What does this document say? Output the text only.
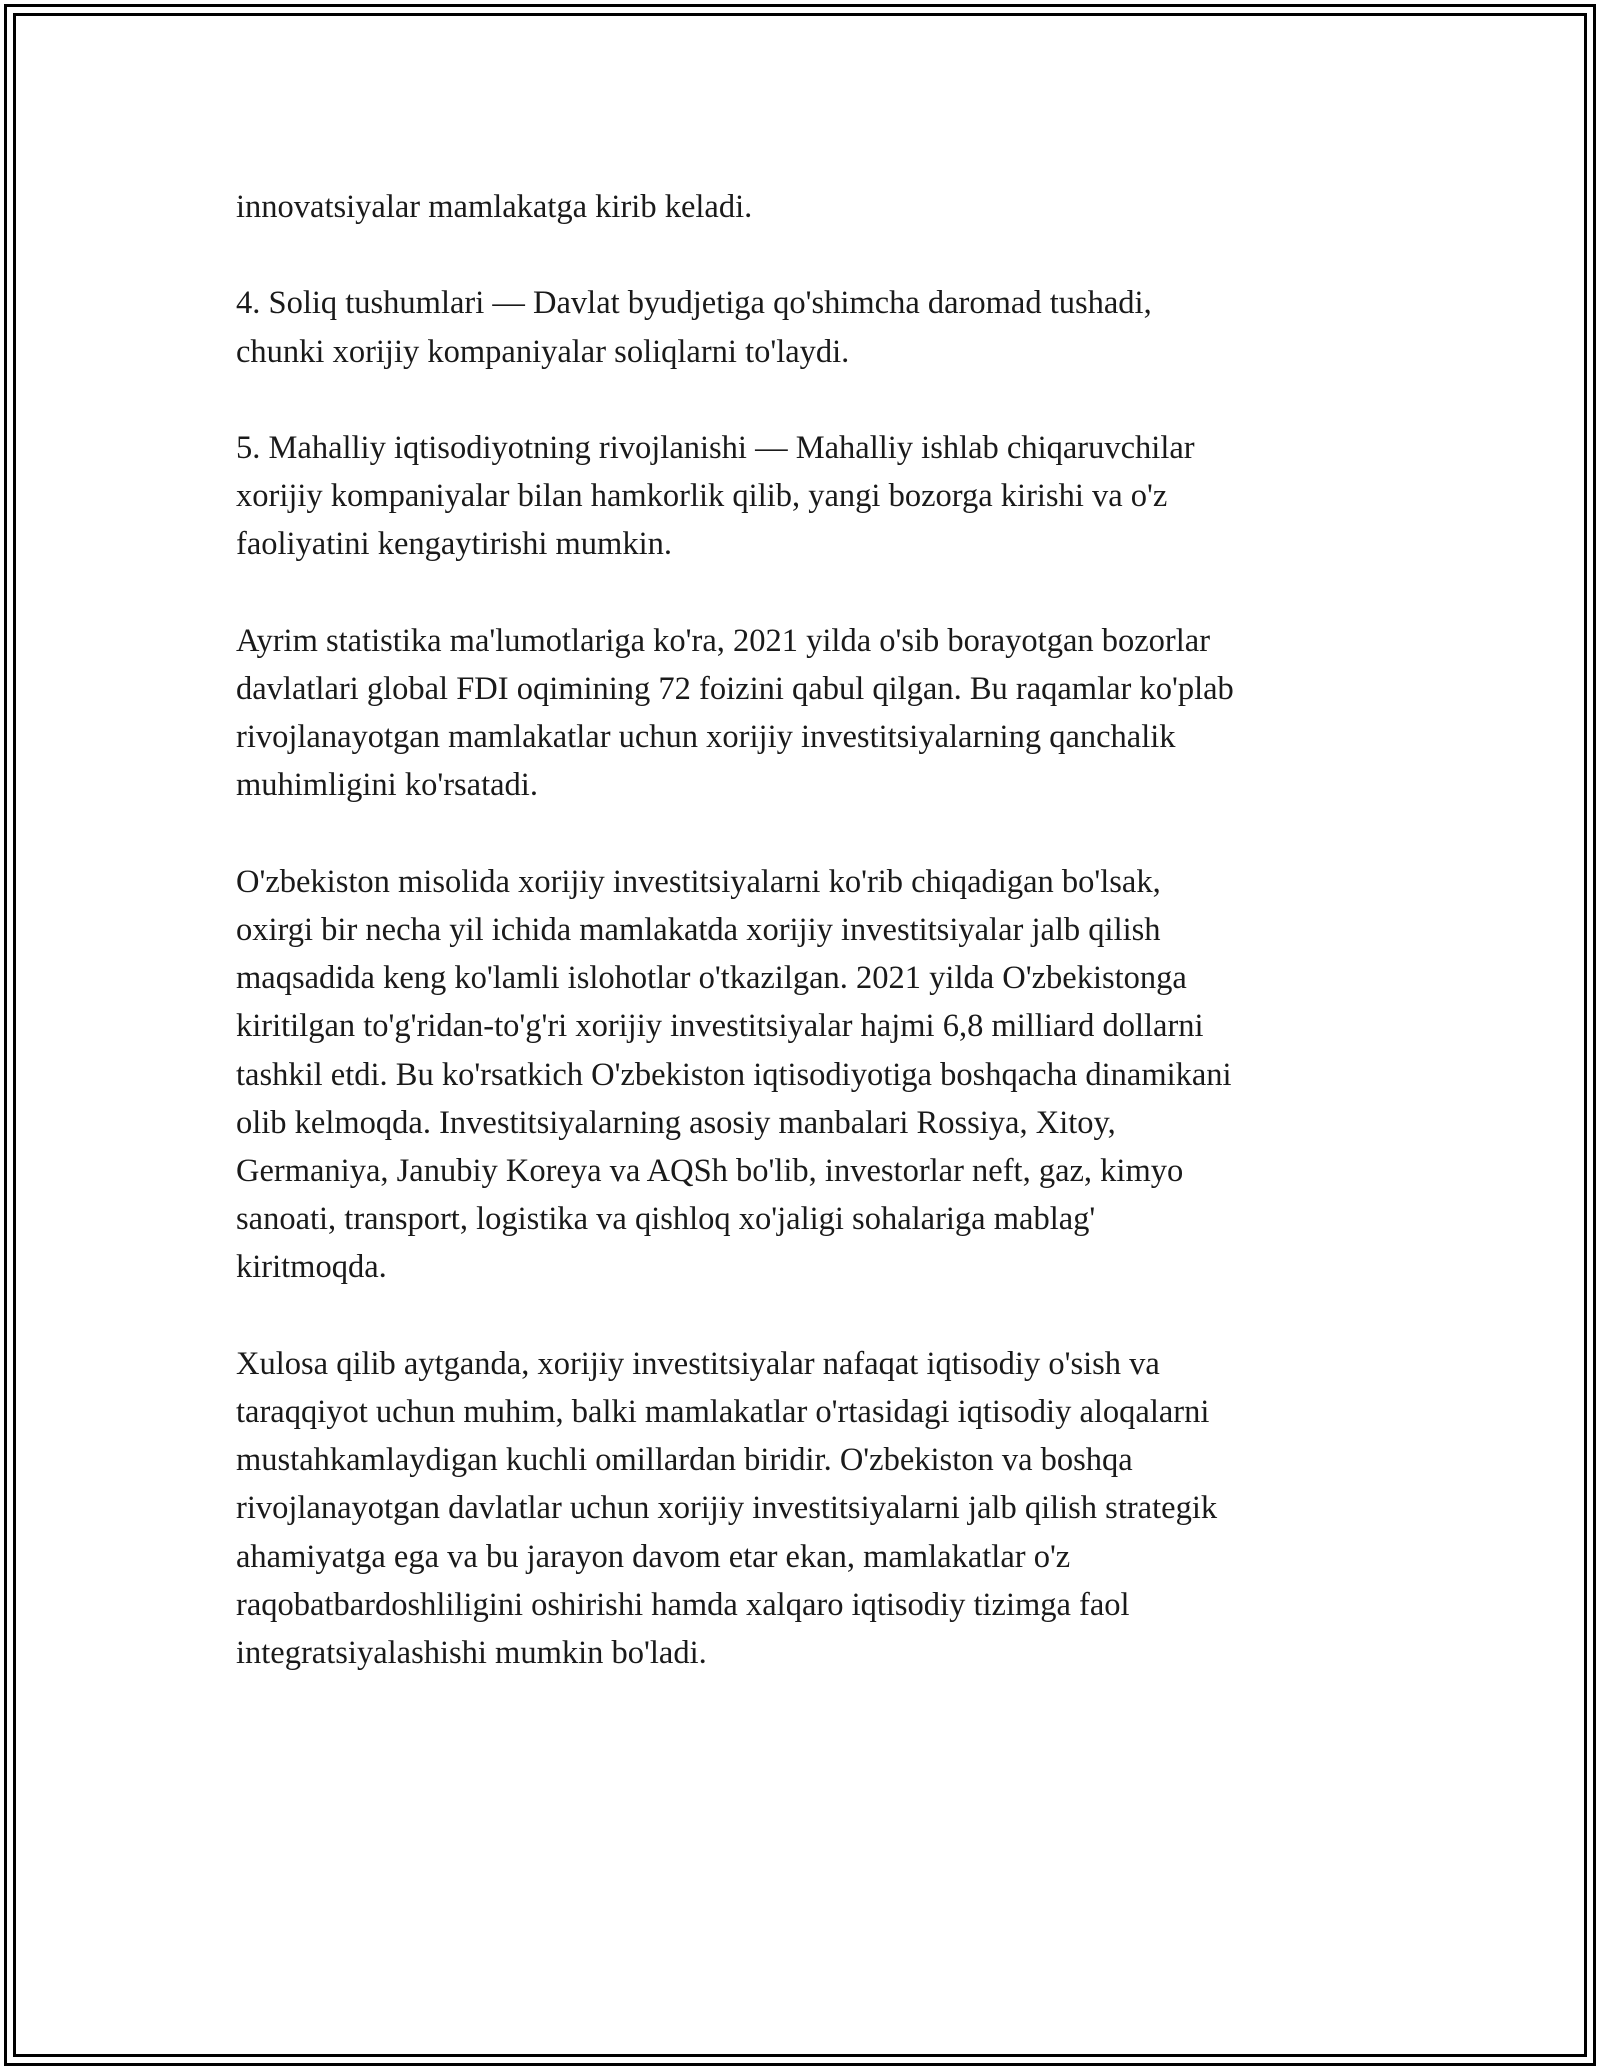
innovatsiyalar mamlakatga kirib keladi.

4. Soliq tushumlari — Davlat byudjetiga qo'shimcha daromad tushadi,
chunki xorijiy kompaniyalar soliqlarni to'laydi.

5. Mahalliy iqtisodiyotning rivojlanishi — Mahalliy ishlab chiqaruvchilar
xorijiy kompaniyalar bilan hamkorlik qilib, yangi bozorga kirishi va o'z
faoliyatini kengaytirishi mumkin.

Ayrim statistika ma'lumotlariga ko'ra, 2021 yilda o'sib borayotgan bozorlar
davlatlari global FDI oqimining 72 foizini qabul qilgan. Bu raqamlar ko'plab
rivojlanayotgan mamlakatlar uchun xorijiy investitsiyalarning qanchalik
muhimligini ko'rsatadi.

O'zbekiston misolida xorijiy investitsiyalarni ko'rib chiqadigan bo'lsak,
oxirgi bir necha yil ichida mamlakatda xorijiy investitsiyalar jalb qilish
maqsadida keng ko'lamli islohotlar o'tkazilgan. 2021 yilda O'zbekistonga
kiritilgan to'g'ridan-to'g'ri xorijiy investitsiyalar hajmi 6,8 milliard dollarni
tashkil etdi. Bu ko'rsatkich O'zbekiston iqtisodiyotiga boshqacha dinamikani
olib kelmoqda. Investitsiyalarning asosiy manbalari Rossiya, Xitoy,
Germaniya, Janubiy Koreya va AQSh bo'lib, investorlar neft, gaz, kimyo
sanoati, transport, logistika va qishloq xo'jaligi sohalariga mablag'
kiritmoqda.

Xulosa qilib aytganda, xorijiy investitsiyalar nafaqat iqtisodiy o'sish va
taraqqiyot uchun muhim, balki mamlakatlar o'rtasidagi iqtisodiy aloqalarni
mustahkamlaydigan kuchli omillardan biridir. O'zbekiston va boshqa
rivojlanayotgan davlatlar uchun xorijiy investitsiyalarni jalb qilish strategik
ahamiyatga ega va bu jarayon davom etar ekan, mamlakatlar o'z
raqobatbardoshliligini oshirishi hamda xalqaro iqtisodiy tizimga faol
integratsiyalashishi mumkin bo'ladi.
